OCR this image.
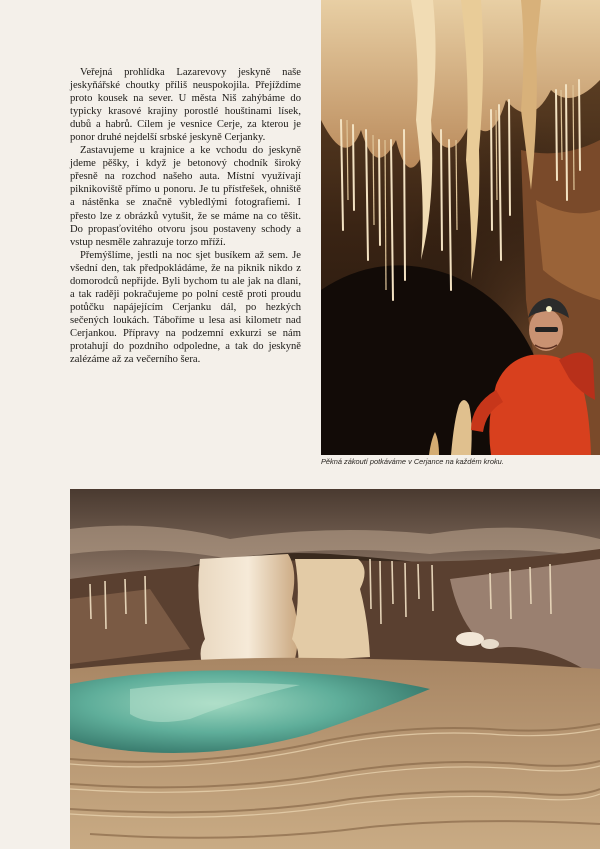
Veřejná prohlídka Lazarevovy jeskyně naše jeskyňářské choutky příliš neuspokojila. Přejíždíme proto kousek na sever. U města Niš zahýbáme do typicky krasové krajiny porostlé houštinami lísek, dubů a habrů. Cílem je vesnice Cerje, za kterou je ponor druhé nejdelší srbské jeskyně Cerjanky.

Zastavujeme u krajnice a ke vchodu do jeskyně jdeme pěšky, i když je betonový chodník široký přesně na rozchod našeho auta. Místní využívají piknikoviště přímo u ponoru. Je tu přístřešek, ohniště a nástěnka se značně vybledlými fotografiemi. I přesto lze z obrázků vytušit, že se máme na co těšit. Do propasťovitého otvoru jsou postaveny schody a vstup nesměle zahrazuje torzo mříží.

Přemýšlíme, jestli na noc sjet busíkem až sem. Je všední den, tak předpokládáme, že na piknik nikdo z domorodců nepřijde. Byli bychom tu ale jak na dlani, a tak raději pokračujeme po polní cestě proti proudu potůčku napájejícím Cerjanku dál, po hezkých sečených loukách. Táboříme u lesa asi kilometr nad Cerjankou. Přípravy na podzemní exkurzi se nám protahují do pozdního odpoledne, a tak do jeskyně zalézáme až za večerního šera.

Pěkná zákoutí potkáváme v Cerjance na každém kroku.
